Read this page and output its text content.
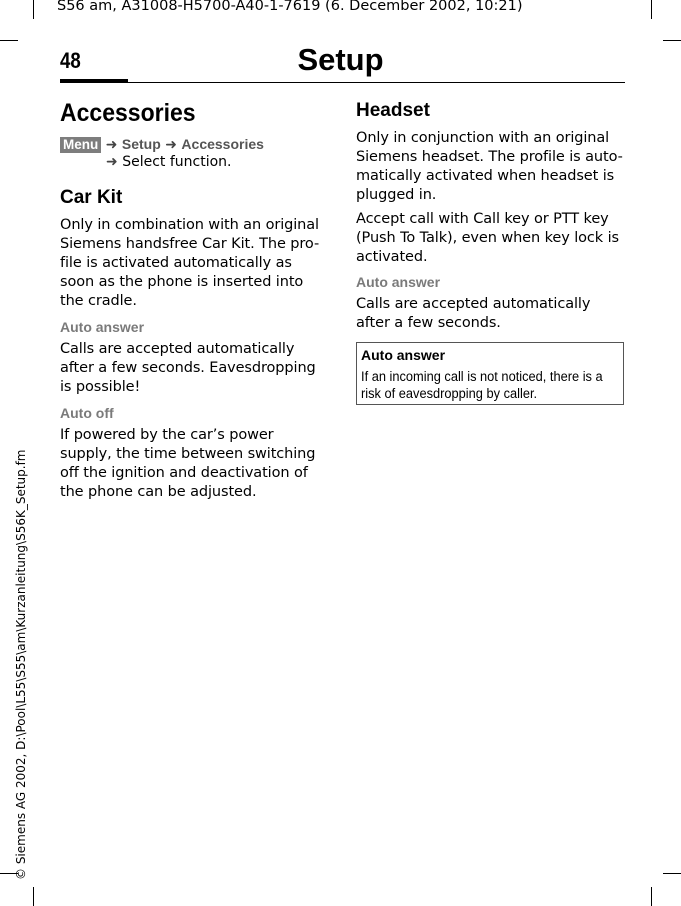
S56 am, A31008-H5700-A40-1-7619 (6. December 2002, 10:21)
© Siemens AG 2002, D:\Pool\L55\S55\am\Kurzanleitung\S56K_Setup.fm
48	Setup
Accessories
Menu ➜ Setup ➜ Accessories
➜ Select function.
Car Kit

Only in combination with an original Siemens handsfree Car Kit. The pro-file is activated automatically as soon as the phone is inserted into the cradle.

Auto answer

Calls are accepted automatically after a few seconds. Eavesdropping is possible!

Auto off

If powered by the car’s power supply, the time between switching off the ignition and deactivation of the phone can be adjusted.

Headset

Only in conjunction with an original Siemens headset. The profile is auto-matically activated when headset is plugged in.

Accept call with Call key or PTT key (Push To Talk), even when key lock is activated.

Auto answer

Calls are accepted automatically after a few seconds.

Auto answer
If an incoming call is not noticed, there is a risk of eavesdropping by caller.
